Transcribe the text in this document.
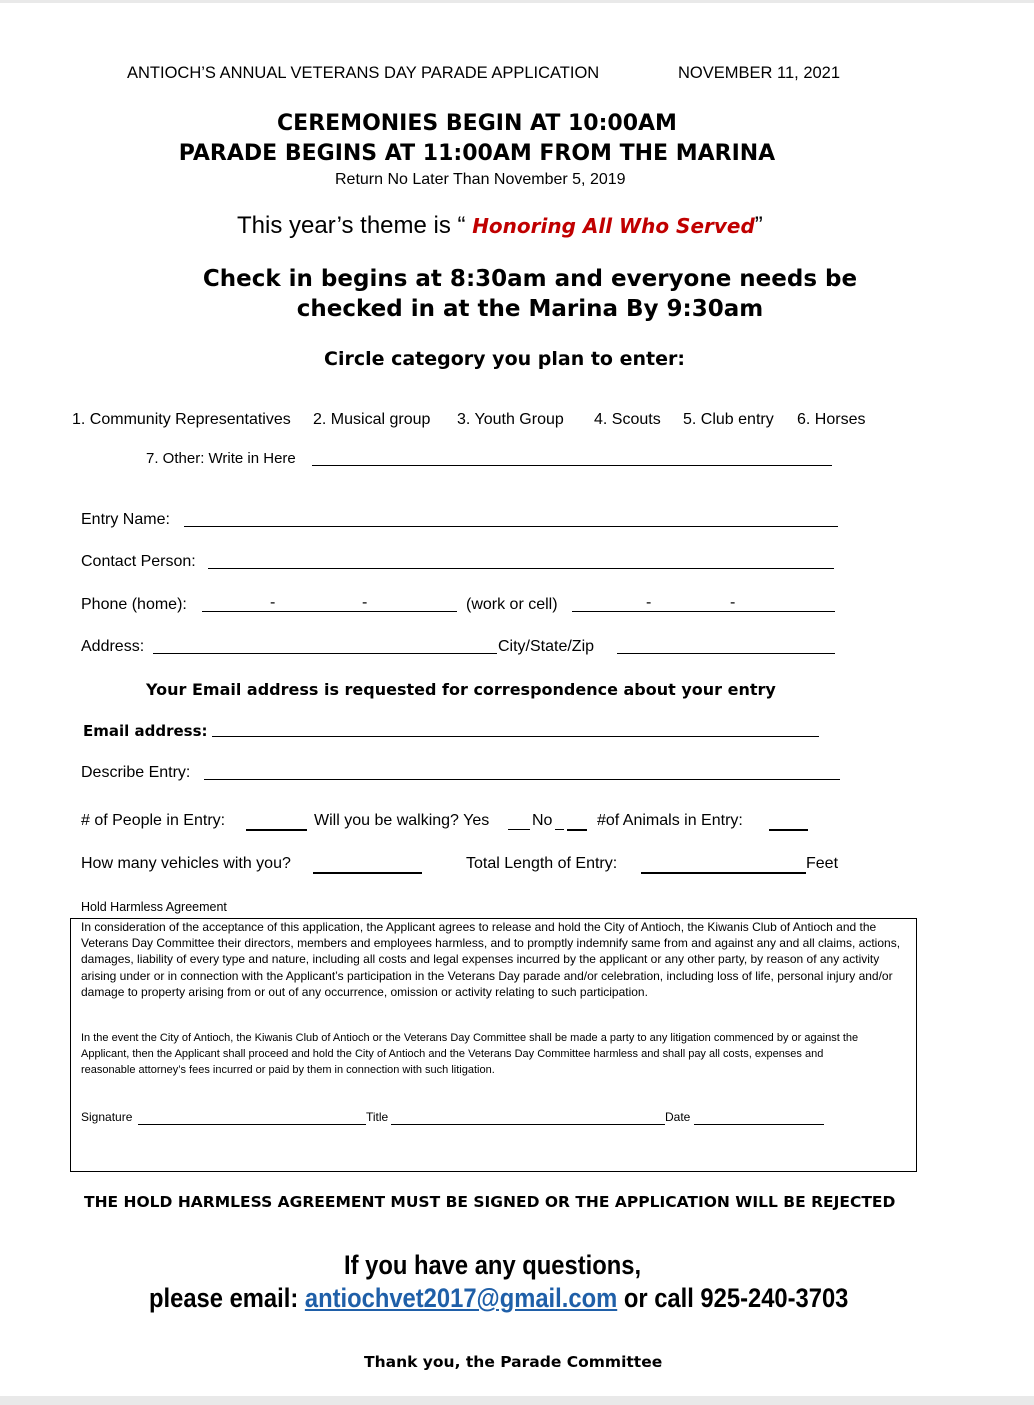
ANTIOCH’S ANNUAL VETERANS DAY PARADE APPLICATION	NOVEMBER 11, 2021
CEREMONIES BEGIN AT 10:00AM
PARADE BEGINS AT 11:00AM FROM THE MARINA
Return No Later Than November 5, 2019
This year’s theme is “ Honoring All Who Served”
Check in begins at 8:30am and everyone needs be
checked in at the Marina By 9:30am
Circle category you plan to enter:
1. Community Representatives 2. Musical group 3. Youth Group 4. Scouts 5. Club entry 6. Horses
7. Other: Write in Here
Entry Name:
Contact Person:
Phone (home):	-	-	(work or cell)	-	-
Address:	City/State/Zip
Your Email address is requested for correspondence about your entry
Email address:
Describe Entry:
# of People in Entry:	Will you be walking? Yes	No	#of Animals in Entry:
How many vehicles with you?	Total Length of Entry:	Feet
Hold Harmless Agreement
In consideration of the acceptance of this application, the Applicant agrees to release and hold the City of Antioch, the Kiwanis Club of Antioch and the Veterans Day Committee their directors, members and employees harmless, and to promptly indemnify same from and against any and all claims, actions, damages, liability of every type and nature, including all costs and legal expenses incurred by the applicant or any other party, by reason of any activity arising under or in connection with the Applicant’s participation in the Veterans Day parade and/or celebration, including loss of life, personal injury and/or damage to property arising from or out of any occurrence, omission or activity relating to such participation.
In the event the City of Antioch, the Kiwanis Club of Antioch or the Veterans Day Committee shall be made a party to any litigation commenced by or against the Applicant, then the Applicant shall proceed and hold the City of Antioch and the Veterans Day Committee harmless and shall pay all costs, expenses and reasonable attorney’s fees incurred or paid by them in connection with such litigation.
Signature	Title	Date
THE HOLD HARMLESS AGREEMENT MUST BE SIGNED OR THE APPLICATION WILL BE REJECTED
If you have any questions,
please email: antiochvet2017@gmail.com or call 925-240-3703
Thank you, the Parade Committee
